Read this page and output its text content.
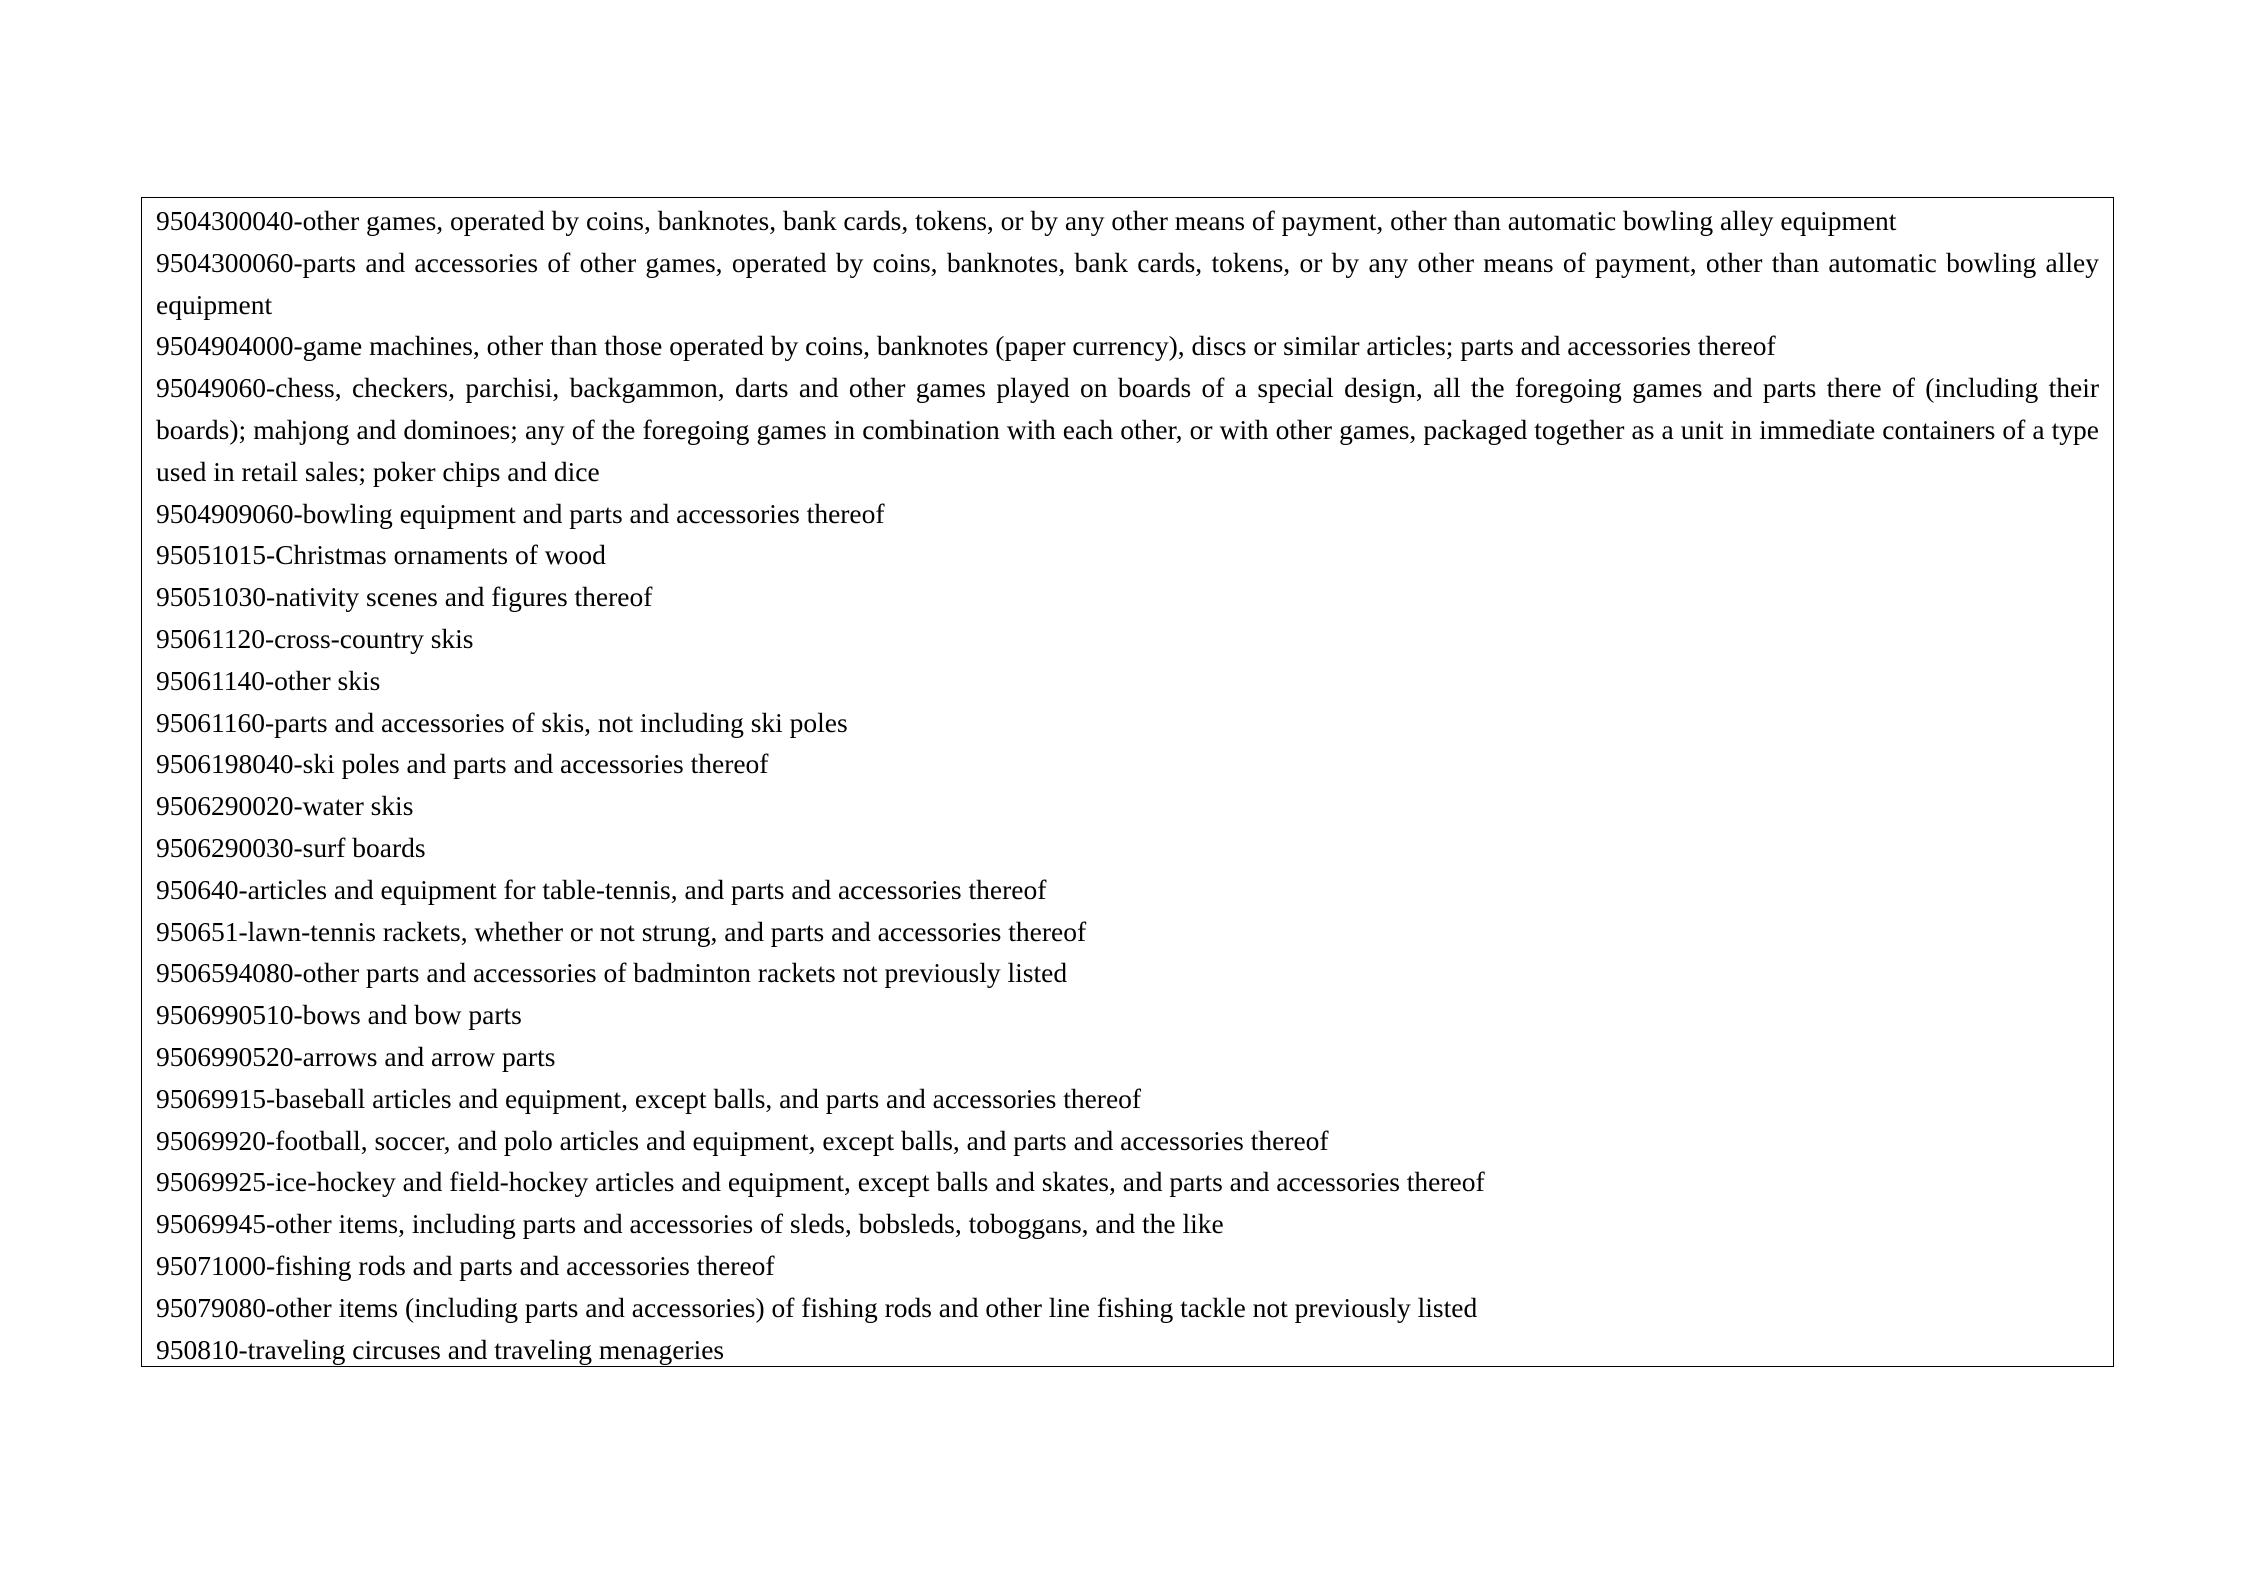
9504300040-other games, operated by coins, banknotes, bank cards, tokens, or by any other means of payment, other than automatic bowling alley equipment

9504300060-parts and accessories of other games, operated by coins, banknotes, bank cards, tokens, or by any other means of payment, other than automatic bowling alley equipment

9504904000-game machines, other than those operated by coins, banknotes (paper currency), discs or similar articles; parts and accessories thereof

95049060-chess, checkers, parchisi, backgammon, darts and other games played on boards of a special design, all the foregoing games and parts there of (including their boards); mahjong and dominoes; any of the foregoing games in combination with each other, or with other games, packaged together as a unit in immediate containers of a type used in retail sales; poker chips and dice

9504909060-bowling equipment and parts and accessories thereof

95051015-Christmas ornaments of wood

95051030-nativity scenes and figures thereof

95061120-cross-country skis

95061140-other skis

95061160-parts and accessories of skis, not including ski poles

9506198040-ski poles and parts and accessories thereof

9506290020-water skis

9506290030-surf boards

950640-articles and equipment for table-tennis, and parts and accessories thereof

950651-lawn-tennis rackets, whether or not strung, and parts and accessories thereof

9506594080-other parts and accessories of badminton rackets not previously listed

9506990510-bows and bow parts

9506990520-arrows and arrow parts

95069915-baseball articles and equipment, except balls, and parts and accessories thereof

95069920-football, soccer, and polo articles and equipment, except balls, and parts and accessories thereof

95069925-ice-hockey and field-hockey articles and equipment, except balls and skates, and parts and accessories thereof

95069945-other items, including parts and accessories of sleds, bobsleds, toboggans, and the like

95071000-fishing rods and parts and accessories thereof

95079080-other items (including parts and accessories) of fishing rods and other line fishing tackle not previously listed

950810-traveling circuses and traveling menageries
